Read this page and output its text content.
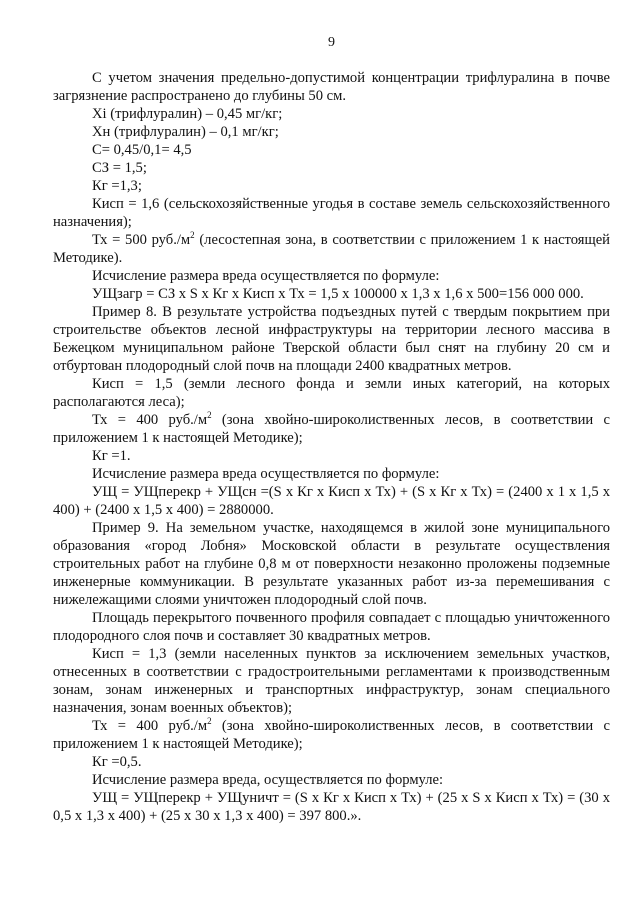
9

С учетом значения предельно-допустимой концентрации трифлуралина в почве загрязнение распространено до глубины 50 см.

Хi (трифлуралин) – 0,45 мг/кг;

Хн (трифлуралин) – 0,1 мг/кг;

С= 0,45/0,1= 4,5

СЗ = 1,5;

Кг =1,3;

Кисп = 1,6 (сельскохозяйственные угодья в составе земель сельскохозяйственного назначения);

Тх = 500 $руб./м^2$ (лесостепная зона, в соответствии с приложением 1 к настоящей Методике).

Исчисление размера вреда осуществляется по формуле:

УЩзагр = СЗ х S х Кг х Кисп х Тх = 1,5 х 100000 х 1,3 х 1,6 х 500=156 000 000.

Пример 8. В результате устройства подъездных путей с твердым покрытием при строительстве объектов лесной инфраструктуры на территории лесного массива в Бежецком муниципальном районе Тверской области был снят на глубину 20 см и отбуртован плодородный слой почв на площади 2400 квадратных метров.

Кисп = 1,5 (земли лесного фонда и земли иных категорий, на которых располагаются леса);

Тх = 400 $руб./м^2$ (зона хвойно-широколиственных лесов, в соответствии с приложением 1 к настоящей Методике);

Кг =1.

Исчисление размера вреда осуществляется по формуле:

УЩ = УЩперекр + УЩсн =(S х Кг х Кисп х Тх) + (S х Кг х Тх) = (2400 х 1 х 1,5 х 400) + (2400 х 1,5 х 400) = 2880000.

Пример 9. На земельном участке, находящемся в жилой зоне муниципального образования «город Лобня» Московской области в результате осуществления строительных работ на глубине 0,8 м от поверхности незаконно проложены подземные инженерные коммуникации. В результате указанных работ из-за перемешивания с нижележащими слоями уничтожен плодородный слой почв.

Площадь перекрытого почвенного профиля совпадает с площадью уничтоженного плодородного слоя почв и составляет 30 квадратных метров.

Кисп = 1,3 (земли населенных пунктов за исключением земельных участков, отнесенных в соответствии с градостроительными регламентами к производственным зонам, зонам инженерных и транспортных инфраструктур, зонам специального назначения, зонам военных объектов);

Тх = 400 $руб./м^2$ (зона хвойно-широколиственных лесов, в соответствии с приложением 1 к настоящей Методике);

Кг =0,5.

Исчисление размера вреда, осуществляется по формуле:

УЩ = УЩперекр + УЩуничт = (S х Кг х Кисп х Тх) + (25 х S х Кисп х Тх) = (30 х 0,5 х 1,3 х 400) + (25 х 30 х 1,3 х 400) = 397 800.».
